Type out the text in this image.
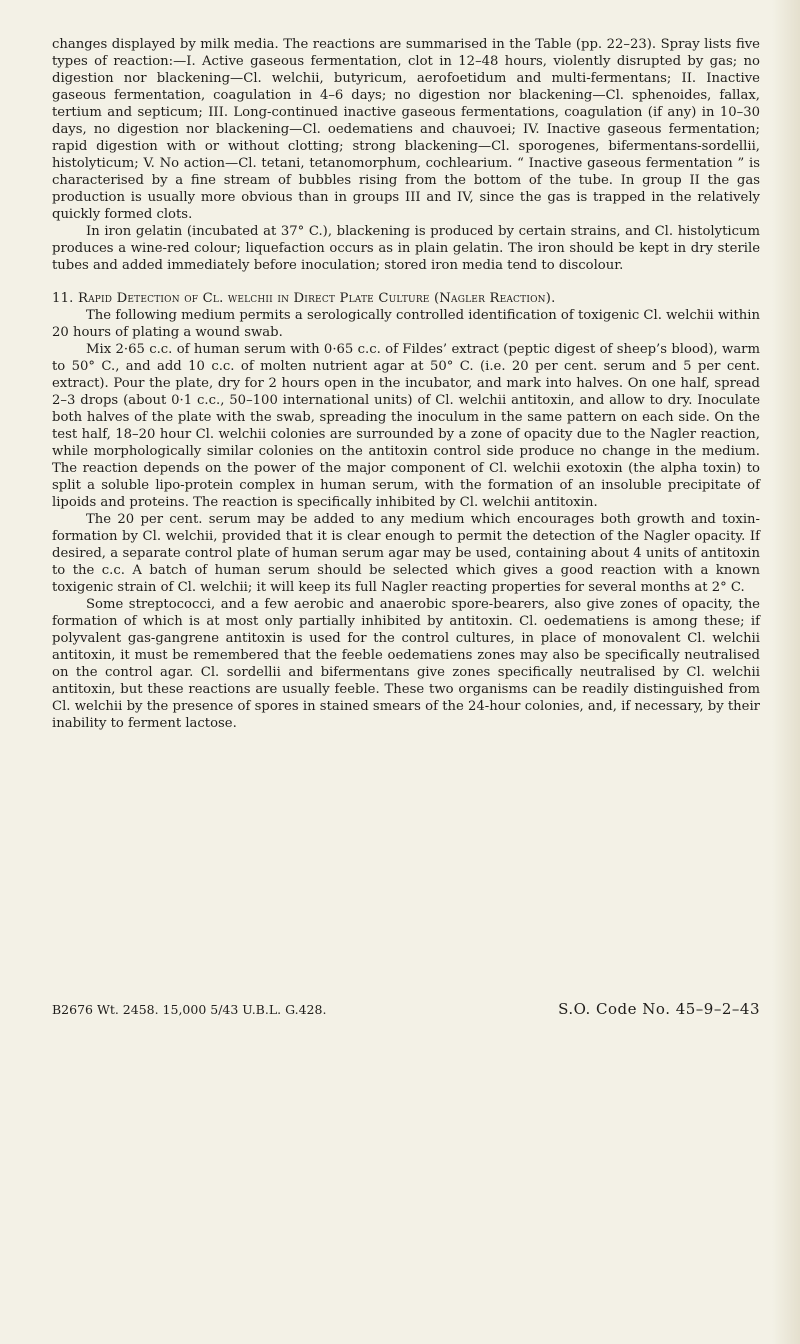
changes displayed by milk media. The reactions are summarised in the Table (pp. 22–23). Spray lists five types of reaction:—I. Active gaseous fermentation, clot in 12–48 hours, violently disrupted by gas; no digestion nor blackening—Cl. welchii, butyricum, aerofoetidum and multi-fermentans; II. Inactive gaseous fermentation, coagulation in 4–6 days; no digestion nor blackening—Cl. sphenoides, fallax, tertium and septicum; III. Long-continued inactive gaseous fermentations, coagulation (if any) in 10–30 days, no digestion nor blackening—Cl. oedematiens and chauvoei; IV. Inactive gaseous fermentation; rapid digestion with or without clotting; strong blackening—Cl. sporogenes, bifermentans-sordellii, histolyticum; V. No action—Cl. tetani, tetanomorphum, cochlearium. “ Inactive gaseous fermentation ” is characterised by a fine stream of bubbles rising from the bottom of the tube. In group II the gas production is usually more obvious than in groups III and IV, since the gas is trapped in the relatively quickly formed clots.

In iron gelatin (incubated at 37° C.), blackening is produced by certain strains, and Cl. histolyticum produces a wine-red colour; liquefaction occurs as in plain gelatin. The iron should be kept in dry sterile tubes and added immediately before inoculation; stored iron media tend to discolour.

11. Rapid Detection of Cl. welchii in Direct Plate Culture (Nagler Reaction).

The following medium permits a serologically controlled identification of toxigenic Cl. welchii within 20 hours of plating a wound swab.

Mix 2·65 c.c. of human serum with 0·65 c.c. of Fildes’ extract (peptic digest of sheep’s blood), warm to 50° C., and add 10 c.c. of molten nutrient agar at 50° C. (i.e. 20 per cent. serum and 5 per cent. extract). Pour the plate, dry for 2 hours open in the incubator, and mark into halves. On one half, spread 2–3 drops (about 0·1 c.c., 50–100 international units) of Cl. welchii antitoxin, and allow to dry. Inoculate both halves of the plate with the swab, spreading the inoculum in the same pattern on each side. On the test half, 18–20 hour Cl. welchii colonies are surrounded by a zone of opacity due to the Nagler reaction, while morphologically similar colonies on the antitoxin control side produce no change in the medium. The reaction depends on the power of the major component of Cl. welchii exotoxin (the alpha toxin) to split a soluble lipo-protein complex in human serum, with the formation of an insoluble precipitate of lipoids and proteins. The reaction is specifically inhibited by Cl. welchii antitoxin.

The 20 per cent. serum may be added to any medium which encourages both growth and toxin-formation by Cl. welchii, provided that it is clear enough to permit the detection of the Nagler opacity. If desired, a separate control plate of human serum agar may be used, containing about 4 units of antitoxin to the c.c. A batch of human serum should be selected which gives a good reaction with a known toxigenic strain of Cl. welchii; it will keep its full Nagler reacting properties for several months at 2° C.

Some streptococci, and a few aerobic and anaerobic spore-bearers, also give zones of opacity, the formation of which is at most only partially inhibited by antitoxin. Cl. oedematiens is among these; if polyvalent gas-gangrene antitoxin is used for the control cultures, in place of monovalent Cl. welchii antitoxin, it must be remembered that the feeble oedematiens zones may also be specifically neutralised on the control agar. Cl. sordellii and bifermentans give zones specifically neutralised by Cl. welchii antitoxin, but these reactions are usually feeble. These two organisms can be readily distinguished from Cl. welchii by the presence of spores in stained smears of the 24-hour colonies, and, if necessary, by their inability to ferment lactose.

B2676 Wt. 2458. 15,000 5/43 U.B.L. G.428.	S.O. Code No. 45–9–2–43
